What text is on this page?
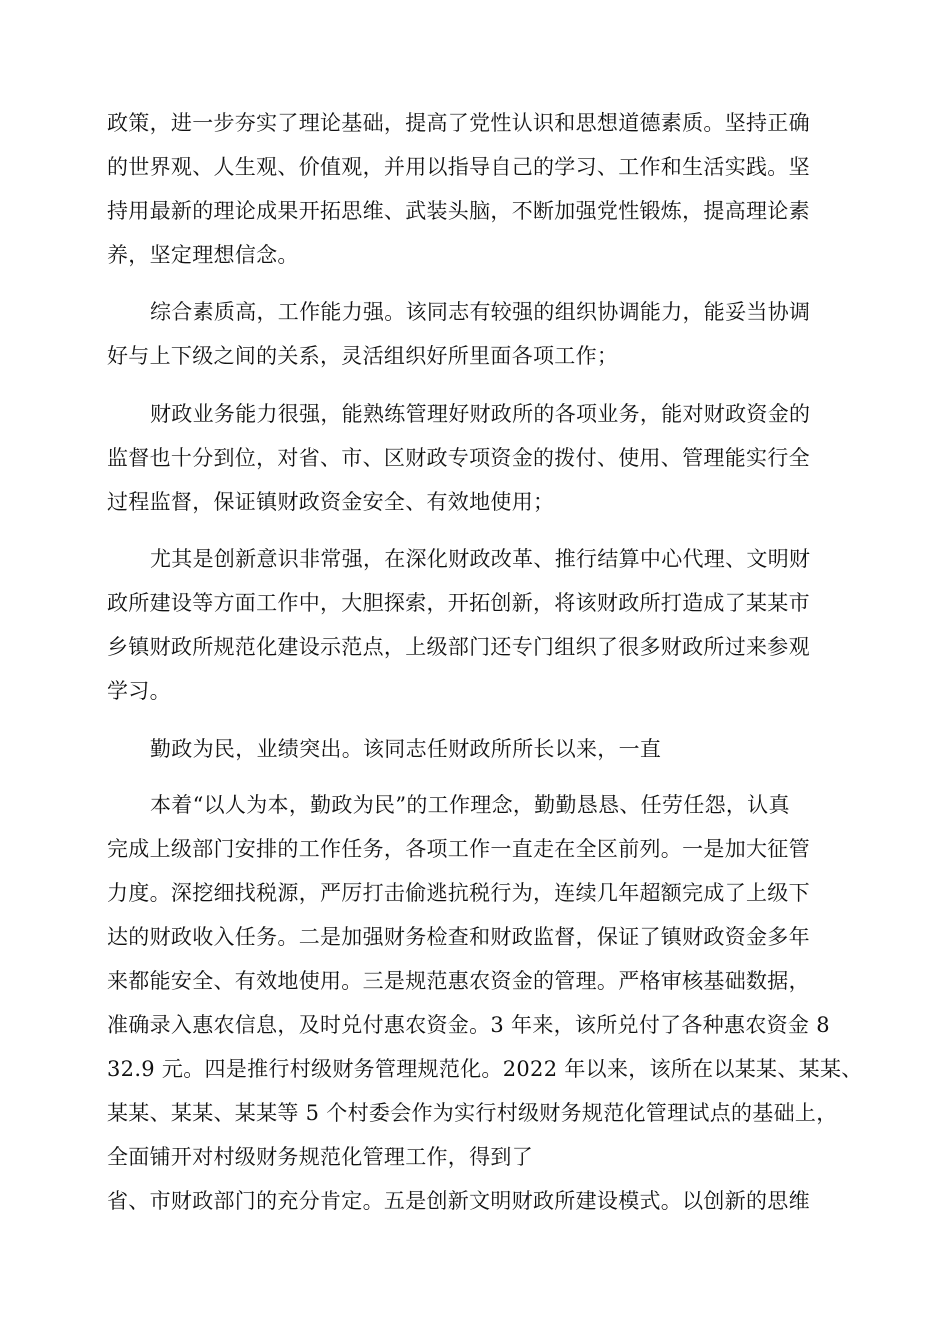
政策，进一步夯实了理论基础，提高了党性认识和思想道德素质。坚持正确
的世界观、人生观、价值观，并用以指导自己的学习、工作和生活实践。坚
持用最新的理论成果开拓思维、武装头脑，不断加强党性锻炼，提高理论素
养，坚定理想信念。
综合素质高，工作能力强。该同志有较强的组织协调能力，能妥当协调
好与上下级之间的关系，灵活组织好所里面各项工作；
财政业务能力很强，能熟练管理好财政所的各项业务，能对财政资金的
监督也十分到位，对省、市、区财政专项资金的拨付、使用、管理能实行全
过程监督，保证镇财政资金安全、有效地使用；
尤其是创新意识非常强，在深化财政改革、推行结算中心代理、文明财
政所建设等方面工作中，大胆探索，开拓创新，将该财政所打造成了某某市
乡镇财政所规范化建设示范点，上级部门还专门组织了很多财政所过来参观
学习。
勤政为民，业绩突出。该同志任财政所所长以来，一直
本着“以人为本，勤政为民”的工作理念，勤勤恳恳、任劳任怨，认真
完成上级部门安排的工作任务，各项工作一直走在全区前列。一是加大征管
力度。深挖细找税源，严厉打击偷逃抗税行为，连续几年超额完成了上级下
达的财政收入任务。二是加强财务检查和财政监督，保证了镇财政资金多年
来都能安全、有效地使用。三是规范惠农资金的管理。严格审核基础数据，
准确录入惠农信息，及时兑付惠农资金。3 年来，该所兑付了各种惠农资金 8
32.9 元。四是推行村级财务管理规范化。2022 年以来，该所在以某某、某某、
某某、某某、某某等 5 个村委会作为实行村级财务规范化管理试点的基础上，
全面铺开对村级财务规范化管理工作，得到了
省、市财政部门的充分肯定。五是创新文明财政所建设模式。以创新的思维
